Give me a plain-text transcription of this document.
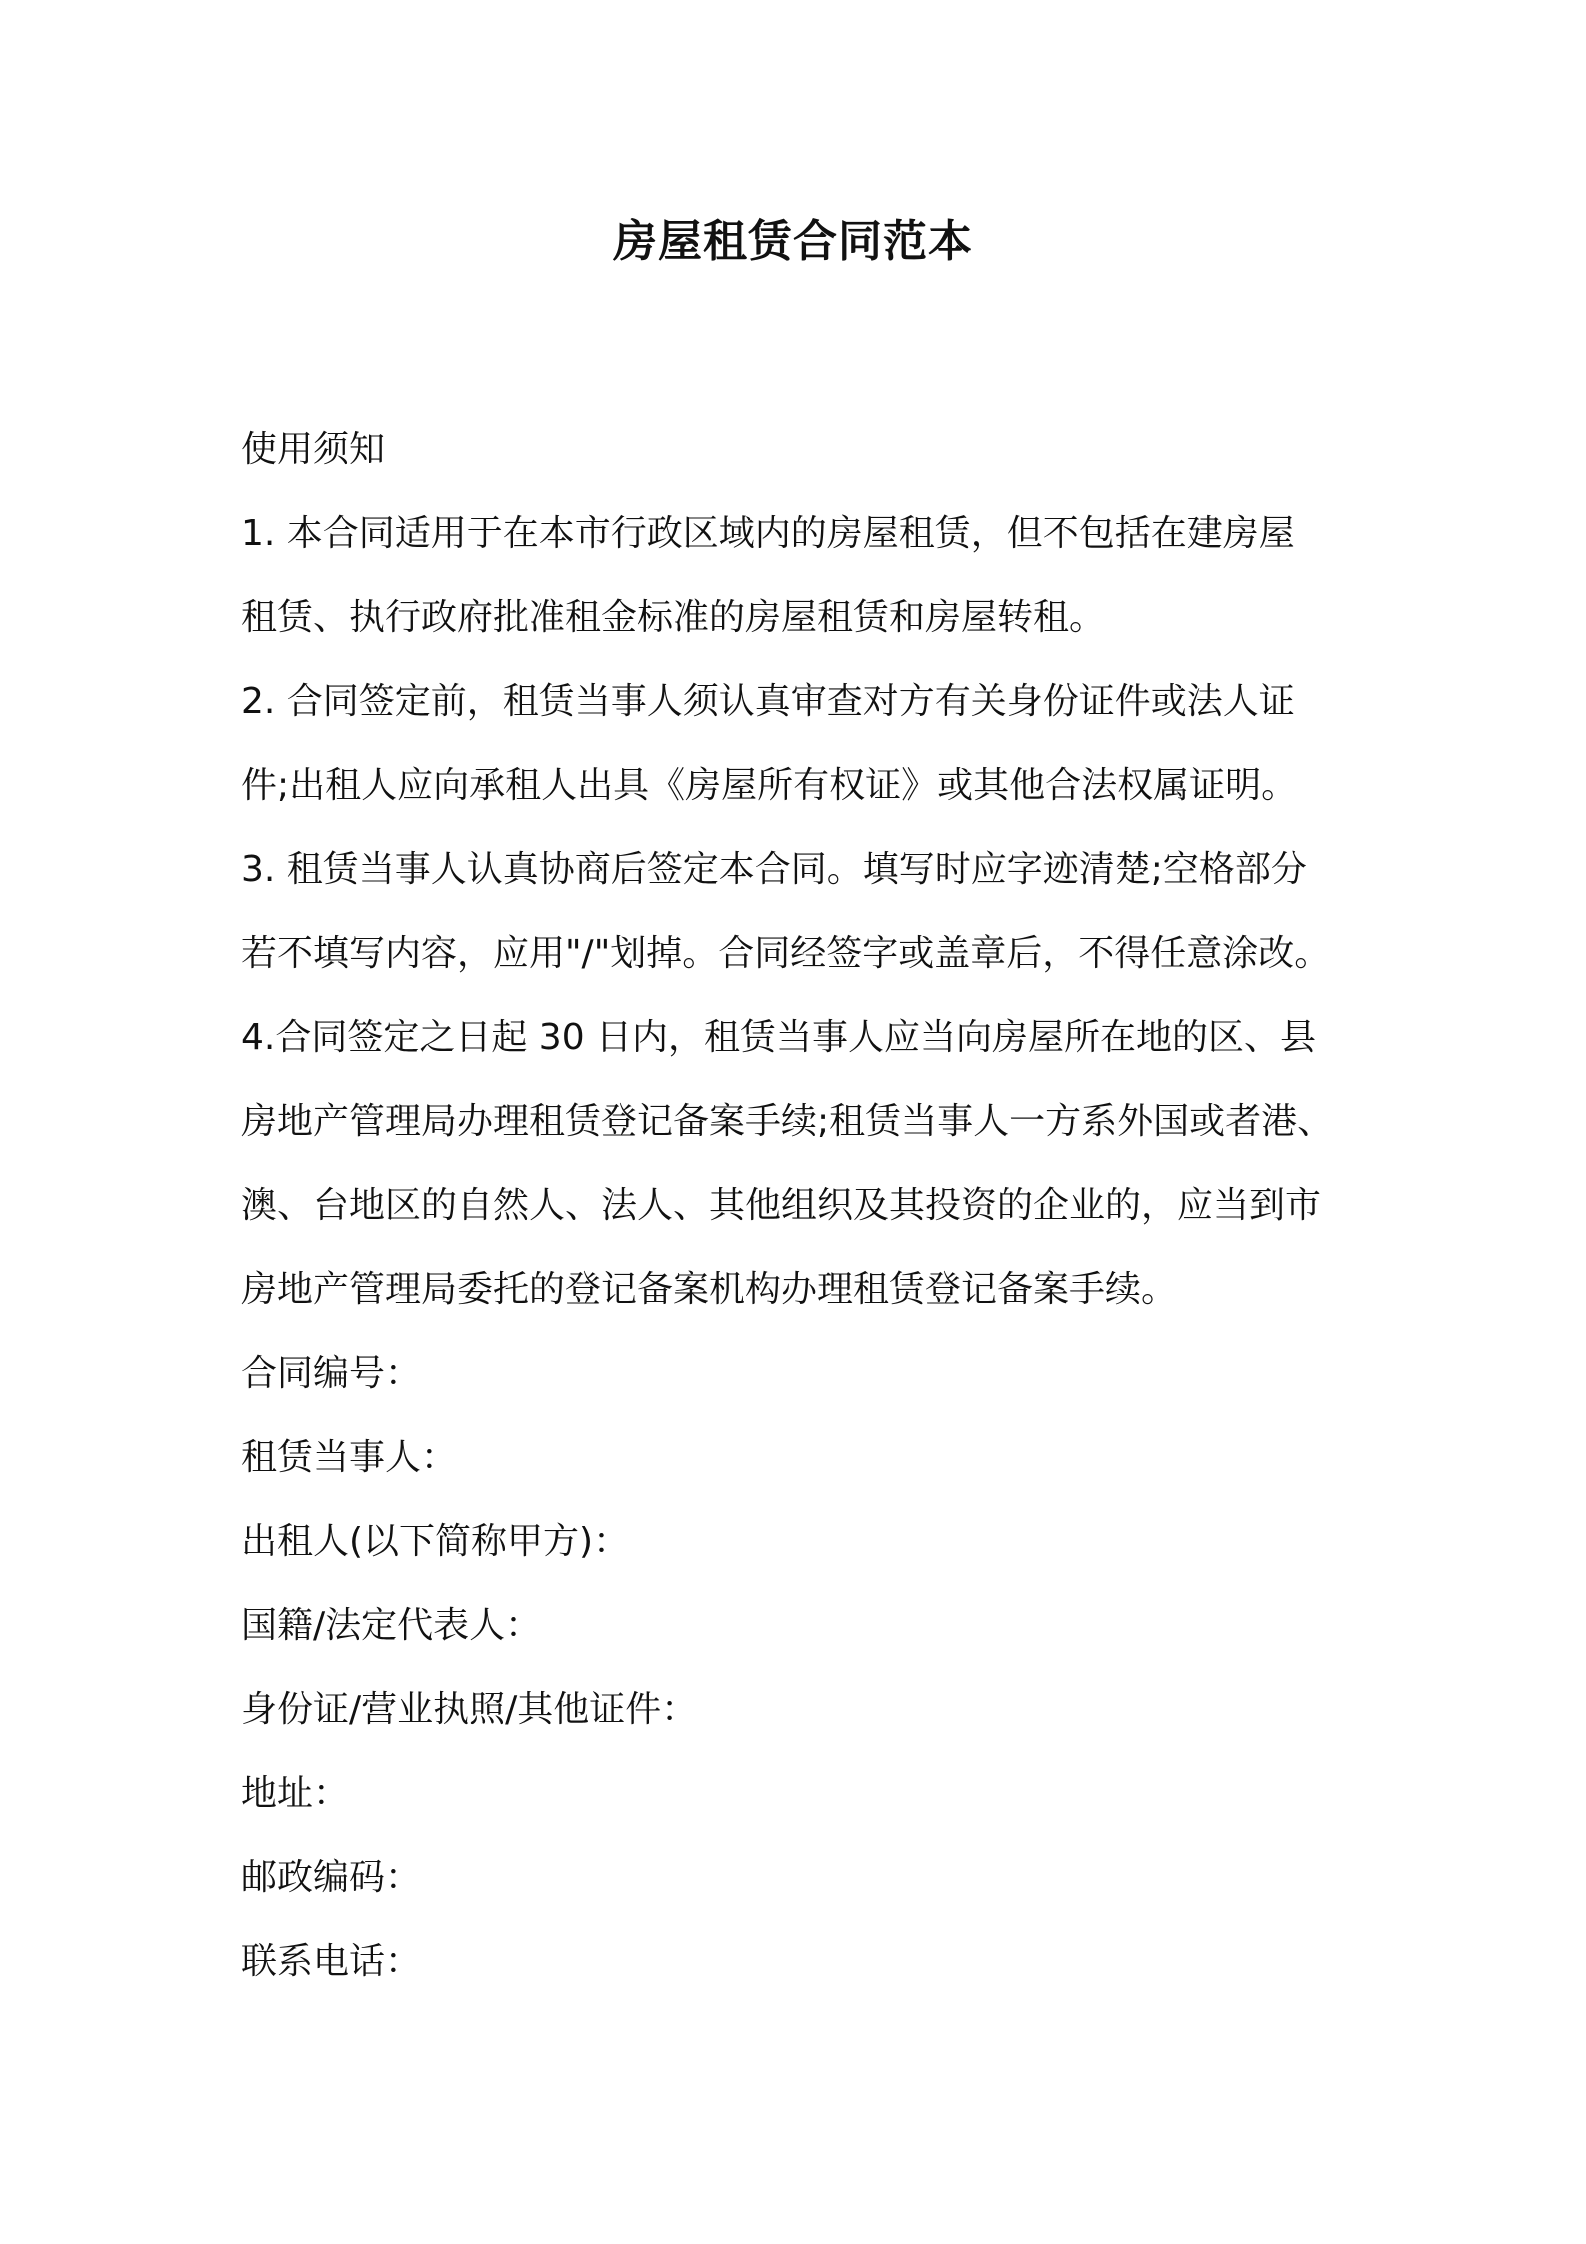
房屋租赁合同范本
使用须知
1. 本合同适用于在本市行政区域内的房屋租赁，但不包括在建房屋
租赁、执行政府批准租金标准的房屋租赁和房屋转租。
2. 合同签定前，租赁当事人须认真审查对方有关身份证件或法人证
件;出租人应向承租人出具《房屋所有权证》或其他合法权属证明。
3. 租赁当事人认真协商后签定本合同。填写时应字迹清楚;空格部分
若不填写内容，应用"/"划掉。合同经签字或盖章后，不得任意涂改。
4.合同签定之日起 30 日内，租赁当事人应当向房屋所在地的区、县
房地产管理局办理租赁登记备案手续;租赁当事人一方系外国或者港、
澳、台地区的自然人、法人、其他组织及其投资的企业的，应当到市
房地产管理局委托的登记备案机构办理租赁登记备案手续。
合同编号：
租赁当事人：
出租人(以下简称甲方)：
国籍/法定代表人：
身份证/营业执照/其他证件：
地址：
邮政编码：
联系电话：
